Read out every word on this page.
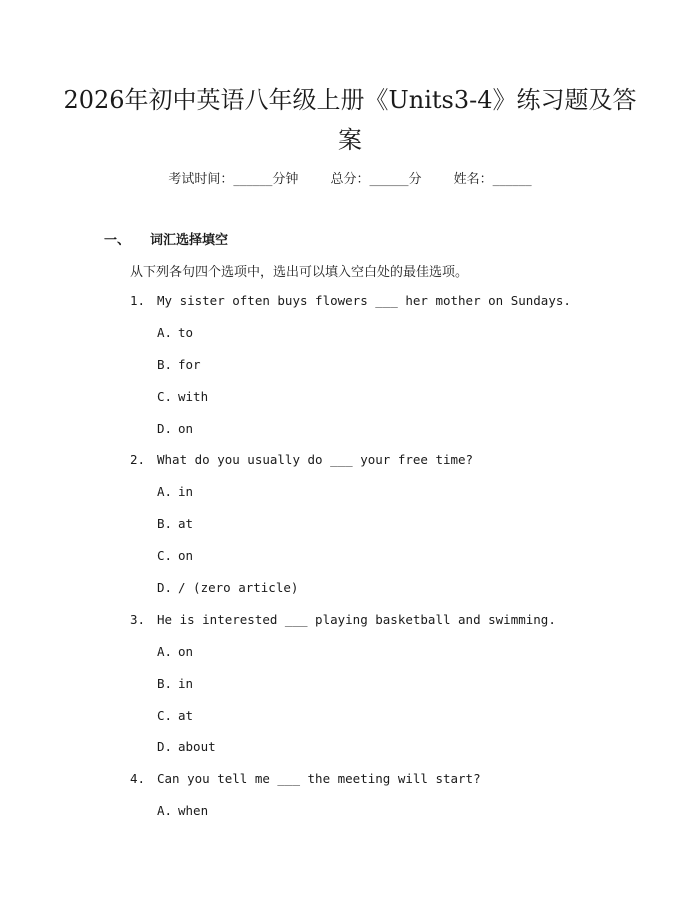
2026年初中英语八年级上册《Units3-4》练习题及答案
考试时间：______分钟 总分：______分 姓名：______
一、 词汇选择填空
从下列各句四个选项中，选出可以填入空白处的最佳选项。
1. My sister often buys flowers ___ her mother on Sundays.
A. to
B. for
C. with
D. on
2. What do you usually do ___ your free time?
A. in
B. at
C. on
D. / (zero article)
3. He is interested ___ playing basketball and swimming.
A. on
B. in
C. at
D. about
4. Can you tell me ___ the meeting will start?
A. when
